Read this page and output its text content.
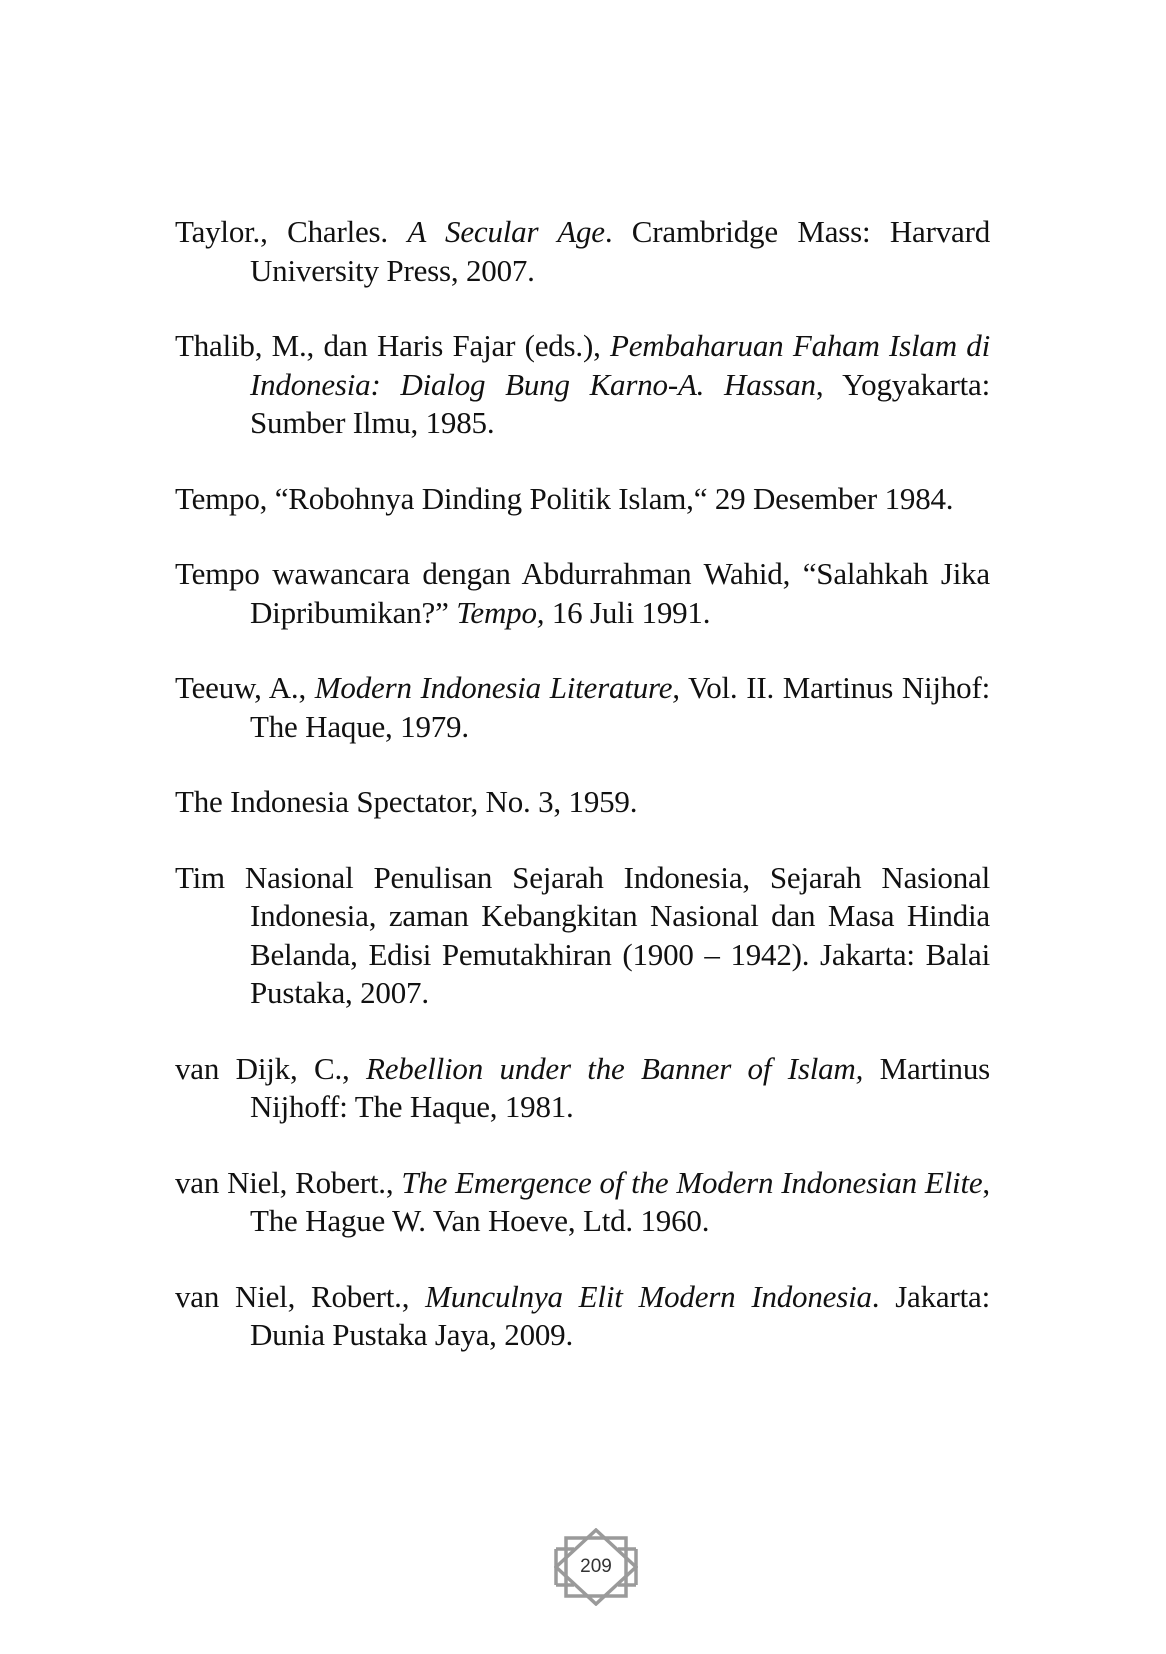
Taylor., Charles. A Secular Age. Crambridge Mass: Harvard University Press, 2007.
Thalib, M., dan Haris Fajar (eds.), Pembaharuan Faham Islam di Indonesia: Dialog Bung Karno-A. Hassan, Yogyakarta: Sumber Ilmu, 1985.
Tempo, “Robohnya Dinding Politik Islam,“ 29 Desember 1984.
Tempo wawancara dengan Abdurrahman Wahid, “Salahkah Jika Dipribumikan?” Tempo, 16 Juli 1991.
Teeuw, A., Modern Indonesia Literature, Vol. II. Martinus Nijhof: The Haque, 1979.
The Indonesia Spectator, No. 3, 1959.
Tim Nasional Penulisan Sejarah Indonesia, Sejarah Nasional Indonesia, zaman Kebangkitan Nasional dan Masa Hindia Belanda, Edisi Pemutakhiran (1900 – 1942). Jakarta: Balai Pustaka, 2007.
van Dijk, C., Rebellion under the Banner of Islam, Martinus Nijhoff: The Haque, 1981.
van Niel, Robert., The Emergence of the Modern Indonesian Elite, The Hague W. Van Hoeve, Ltd. 1960.
van Niel, Robert., Munculnya Elit Modern Indonesia. Jakarta: Dunia Pustaka Jaya, 2009.
209
